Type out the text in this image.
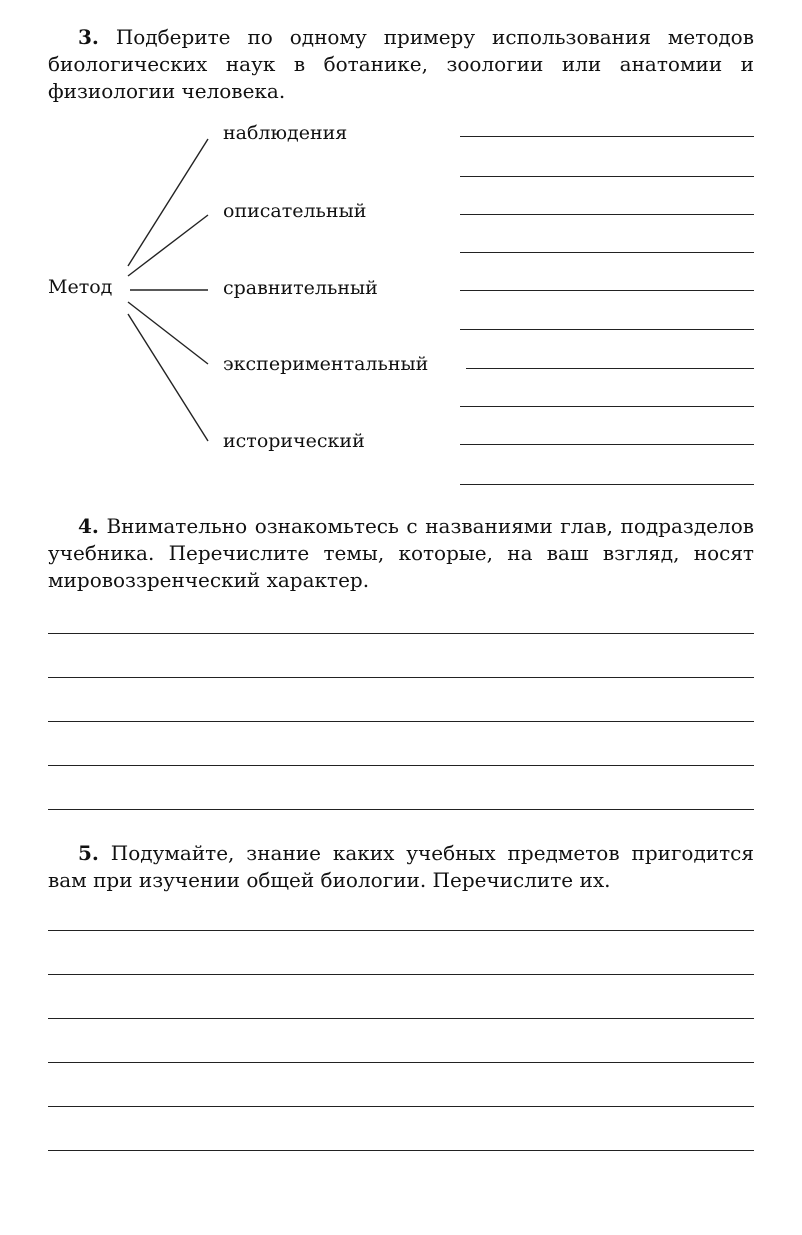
3. Подберите по одному примеру использования методов биологических наук в ботанике, зоологии или анатомии и физиологии человека.
Метод
наблюдения
описательный
сравнительный
экспериментальный
исторический
4. Внимательно ознакомьтесь с названиями глав, подразделов учебника. Перечислите темы, которые, на ваш взгляд, носят мировоззренческий характер.
5. Подумайте, знание каких учебных предметов пригодится вам при изучении общей биологии. Перечислите их.
